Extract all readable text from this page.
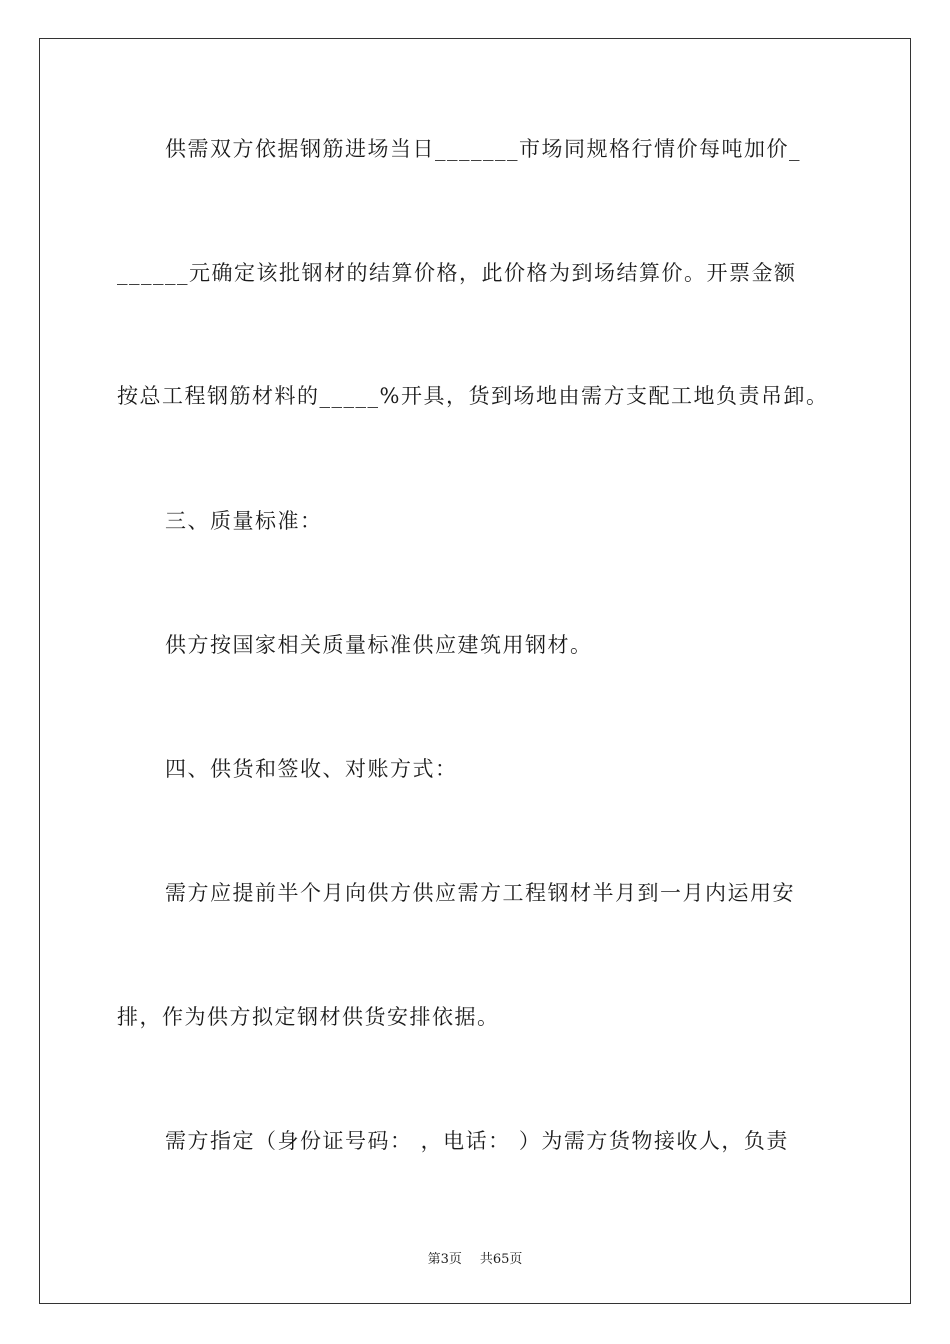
供需双方依据钢筋进场当日_______市场同规格行情价每吨加价_
______元确定该批钢材的结算价格，此价格为到场结算价。开票金额
按总工程钢筋材料的_____%开具，货到场地由需方支配工地负责吊卸。
三、质量标准：
供方按国家相关质量标准供应建筑用钢材。
四、供货和签收、对账方式：
需方应提前半个月向供方供应需方工程钢材半月到一月内运用安
排，作为供方拟定钢材供货安排依据。
需方指定（身份证号码： ，电话： ）为需方货物接收人，负责
第3页 共65页
